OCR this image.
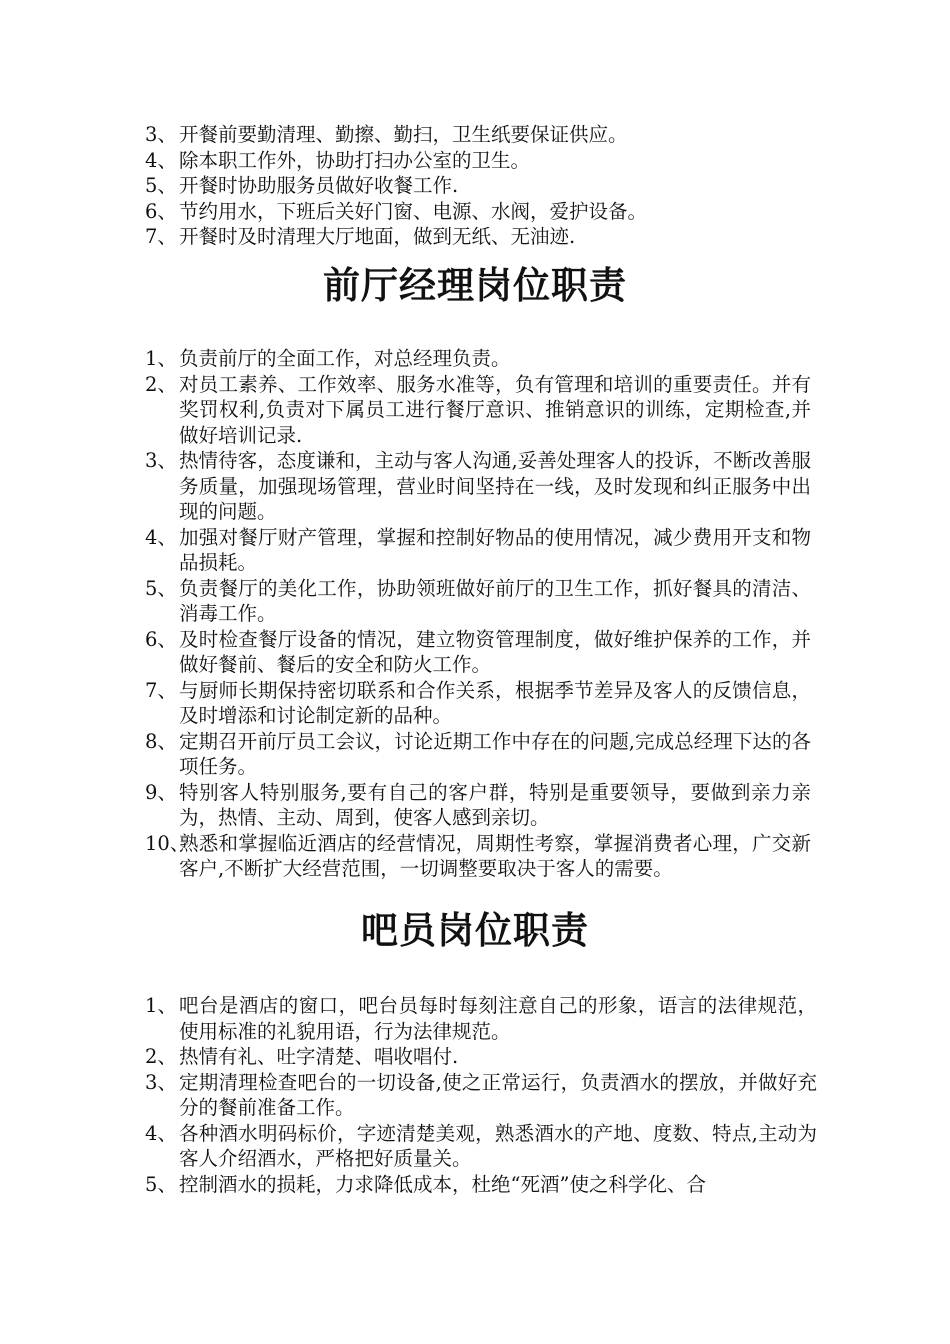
3、 开餐前要勤清理、勤擦、勤扫，卫生纸要保证供应。
4、 除本职工作外，协助打扫办公室的卫生。
5、 开餐时协助服务员做好收餐工作.
6、 节约用水，下班后关好门窗、电源、水阀，爱护设备。
7、 开餐时及时清理大厅地面，做到无纸、无油迹.
前厅经理岗位职责
1、 负责前厅的全面工作，对总经理负责。
2、 对员工素养、工作效率、服务水准等，负有管理和培训的重要责任。并有奖罚权利,负责对下属员工进行餐厅意识、推销意识的训练，定期检查,并做好培训记录.
3、 热情待客，态度谦和，主动与客人沟通,妥善处理客人的投诉，不断改善服务质量，加强现场管理，营业时间坚持在一线，及时发现和纠正服务中出现的问题。
4、 加强对餐厅财产管理，掌握和控制好物品的使用情况，减少费用开支和物品损耗。
5、 负责餐厅的美化工作，协助领班做好前厅的卫生工作，抓好餐具的清洁、消毒工作。
6、 及时检查餐厅设备的情况，建立物资管理制度，做好维护保养的工作，并做好餐前、餐后的安全和防火工作。
7、 与厨师长期保持密切联系和合作关系，根据季节差异及客人的反馈信息，及时增添和讨论制定新的品种。
8、 定期召开前厅员工会议，讨论近期工作中存在的问题,完成总经理下达的各项任务。
9、 特别客人特别服务,要有自己的客户群，特别是重要领导，要做到亲力亲为，热情、主动、周到，使客人感到亲切。
10、
熟悉和掌握临近酒店的经营情况，周期性考察，掌握消费者心理，广交新客户,不断扩大经营范围，一切调整要取决于客人的需要。
吧员岗位职责
1、 吧台是酒店的窗口，吧台员每时每刻注意自己的形象，语言的法律规范，使用标准的礼貌用语，行为法律规范。
2、 热情有礼、吐字清楚、唱收唱付.
3、 定期清理检查吧台的一切设备,使之正常运行，负责酒水的摆放，并做好充分的餐前准备工作。
4、 各种酒水明码标价，字迹清楚美观，熟悉酒水的产地、度数、特点,主动为客人介绍酒水，严格把好质量关。
5、 控制酒水的损耗，力求降低成本，杜绝“死酒”使之科学化、合
